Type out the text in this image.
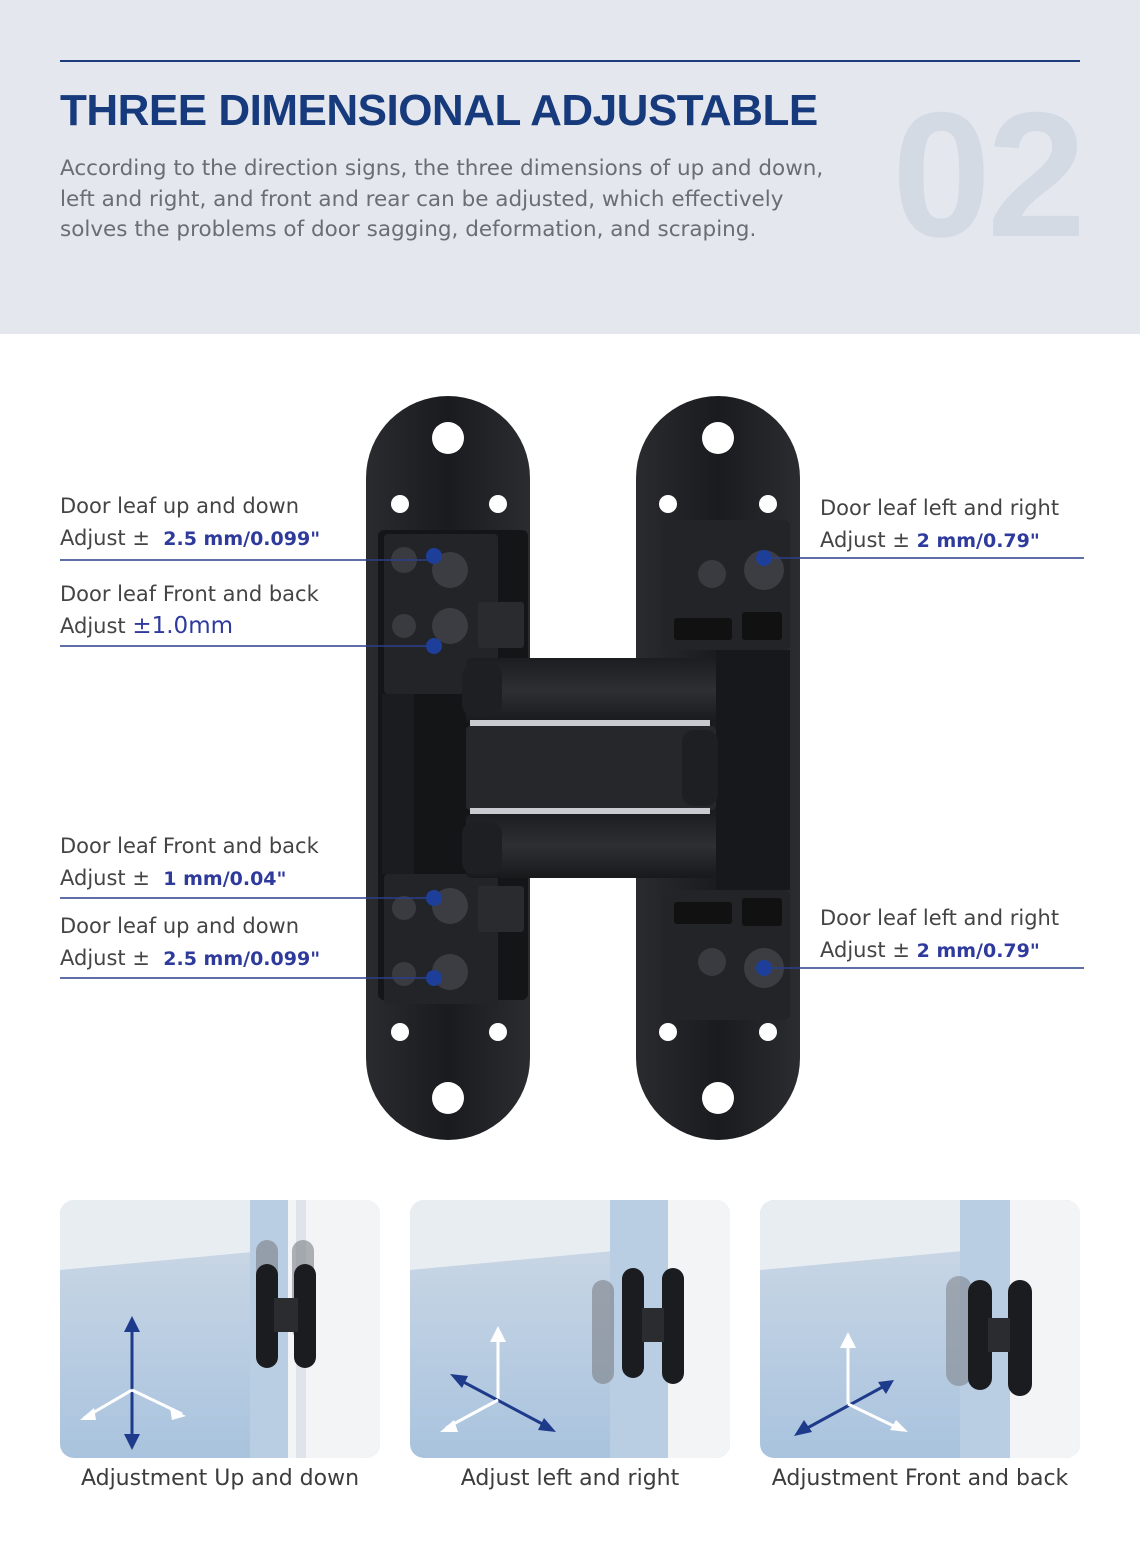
THREE DIMENSIONAL ADJUSTABLE
According to the direction signs, the three dimensions of up and down, left and right, and front and rear can be adjusted, which effectively solves the problems of door sagging, deformation, and scraping. 02
Door leaf up and down
Adjust ± 2.5 mm/0.099"
Door leaf Front and back
Adjust ±1.0mm
Door leaf Front and back
Adjust ± 1 mm/0.04"
Door leaf up and down
Adjust ± 2.5 mm/0.099"
Door leaf left and right
Adjust ± 2 mm/0.79"
Door leaf left and right
Adjust ± 2 mm/0.79"
Adjustment Up and down	Adjust left and right	Adjustment Front and back
